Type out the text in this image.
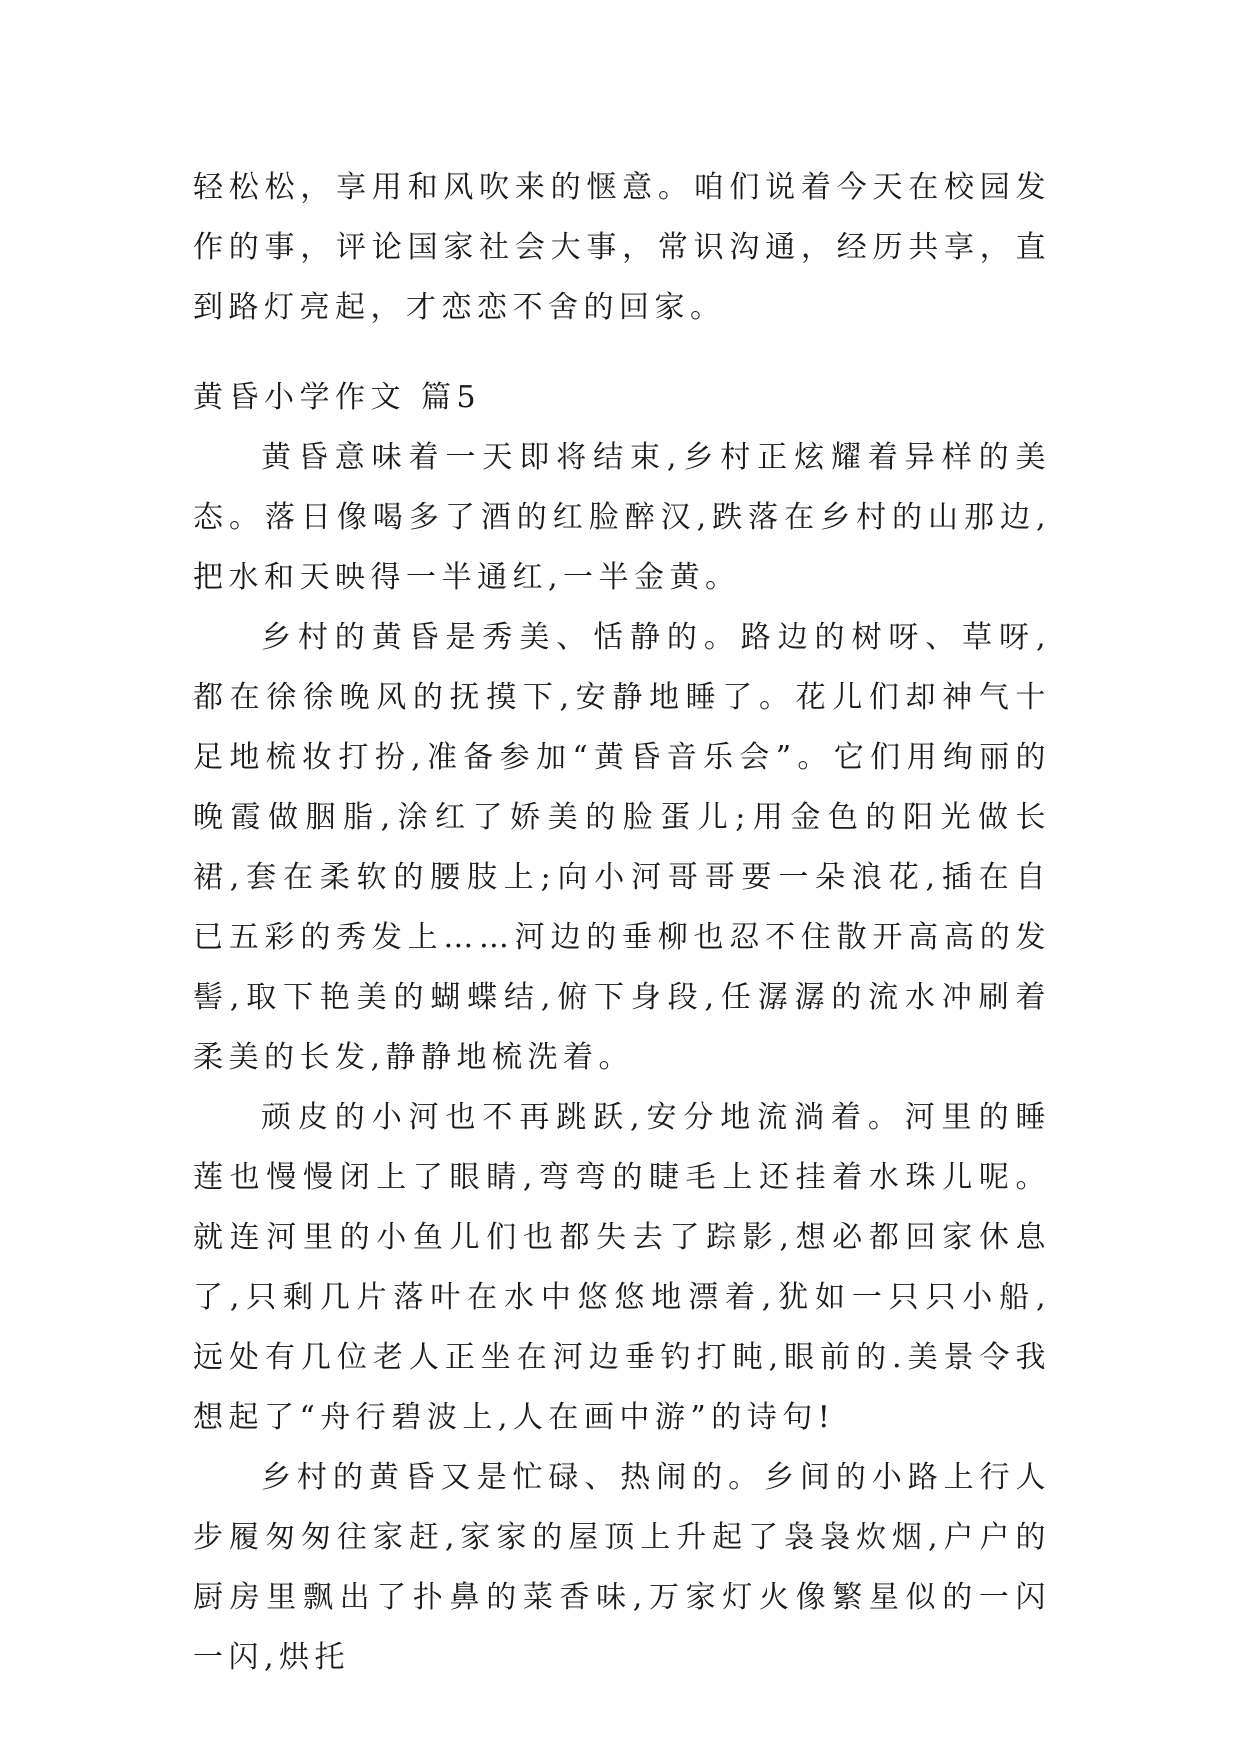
轻松松，享用和风吹来的惬意。咱们说着今天在校园发作的事，评论国家社会大事，常识沟通，经历共享，直到路灯亮起，才恋恋不舍的回家。

黄昏小学作文 篇5

黄昏意味着一天即将结束,乡村正炫耀着异样的美态。落日像喝多了酒的红脸醉汉,跌落在乡村的山那边,把水和天映得一半通红,一半金黄。

乡村的黄昏是秀美、恬静的。路边的树呀、草呀,都在徐徐晚风的抚摸下,安静地睡了。花儿们却神气十足地梳妆打扮,准备参加“黄昏音乐会”。它们用绚丽的晚霞做胭脂,涂红了娇美的脸蛋儿;用金色的阳光做长裙,套在柔软的腰肢上;向小河哥哥要一朵浪花,插在自已五彩的秀发上……河边的垂柳也忍不住散开高高的发髻,取下艳美的蝴蝶结,俯下身段,任潺潺的流水冲刷着柔美的长发,静静地梳洗着。

顽皮的小河也不再跳跃,安分地流淌着。河里的睡莲也慢慢闭上了眼睛,弯弯的睫毛上还挂着水珠儿呢。就连河里的小鱼儿们也都失去了踪影,想必都回家休息了,只剩几片落叶在水中悠悠地漂着,犹如一只只小船,远处有几位老人正坐在河边垂钓打盹,眼前的.美景令我想起了“舟行碧波上,人在画中游”的诗句!

乡村的黄昏又是忙碌、热闹的。乡间的小路上行人步履匆匆往家赶,家家的屋顶上升起了袅袅炊烟,户户的厨房里飘出了扑鼻的菜香味,万家灯火像繁星似的一闪一闪,烘托
